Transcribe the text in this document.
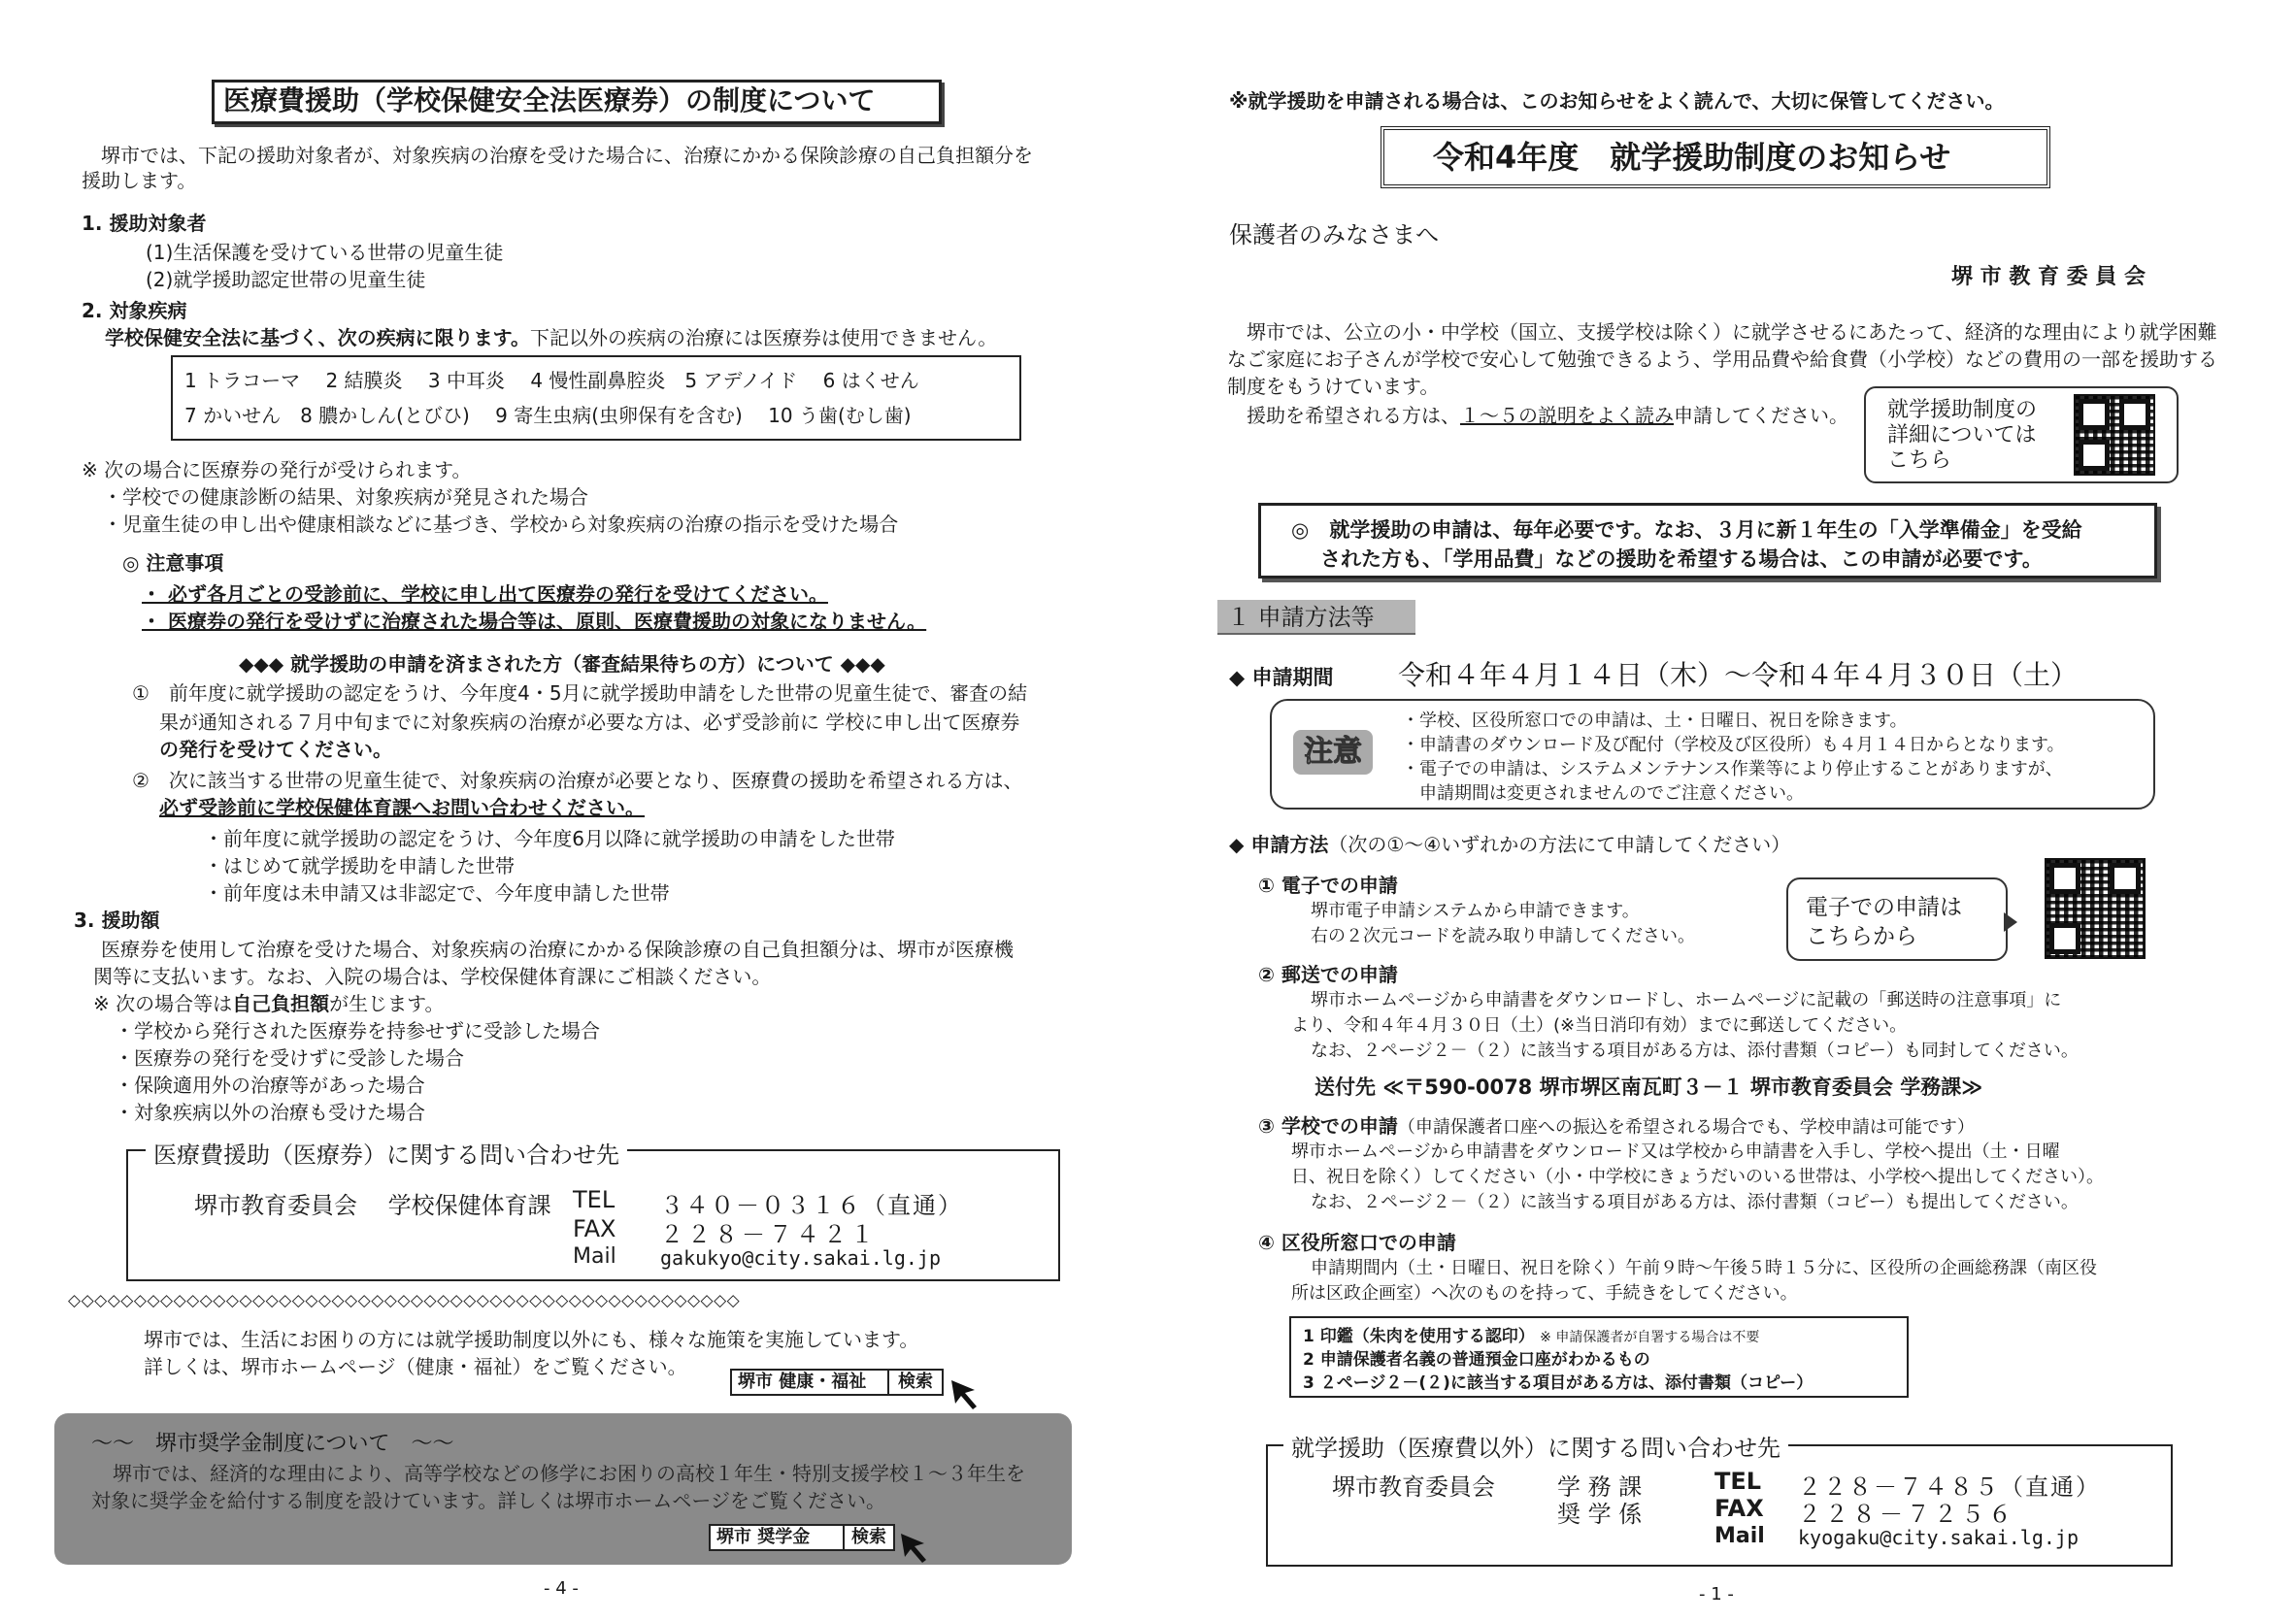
医療費援助（学校保健安全法医療券）の制度について
堺市では、下記の援助対象者が、対象疾病の治療を受けた場合に、治療にかかる保険診療の自己負担額分を
援助します。
1. 援助対象者
(1)生活保護を受けている世帯の児童生徒
(2)就学援助認定世帯の児童生徒
2. 対象疾病
学校保健安全法に基づく、次の疾病に限ります。下記以外の疾病の治療には医療券は使用できません。
1 トラコーマ　 2 結膜炎　 3 中耳炎　 4 慢性副鼻腔炎　5 アデノイド　 6 はくせん
7 かいせん　8 膿かしん(とびひ)　 9 寄生虫病(虫卵保有を含む)　 10 う歯(むし歯)
※ 次の場合に医療券の発行が受けられます。
・学校での健康診断の結果、対象疾病が発見された場合
・児童生徒の申し出や健康相談などに基づき、学校から対象疾病の治療の指示を受けた場合
◎ 注意事項
・ 必ず各月ごとの受診前に、学校に申し出て医療券の発行を受けてください。
・ 医療券の発行を受けずに治療された場合等は、原則、医療費援助の対象になりません。
◆◆◆ 就学援助の申請を済まされた方（審査結果待ちの方）について ◆◆◆
①　前年度に就学援助の認定をうけ、今年度4・5月に就学援助申請をした世帯の児童生徒で、審査の結
果が通知される７月中旬までに対象疾病の治療が必要な方は、必ず受診前に 学校に申し出て医療券
の発行を受けてください。
②　次に該当する世帯の児童生徒で、対象疾病の治療が必要となり、医療費の援助を希望される方は、
必ず受診前に学校保健体育課へお問い合わせください。
・前年度に就学援助の認定をうけ、今年度6月以降に就学援助の申請をした世帯
・はじめて就学援助を申請した世帯
・前年度は未申請又は非認定で、今年度申請した世帯
3. 援助額
医療券を使用して治療を受けた場合、対象疾病の治療にかかる保険診療の自己負担額分は、堺市が医療機
関等に支払います。なお、入院の場合は、学校保健体育課にご相談ください。
※ 次の場合等は自己負担額が生じます。
・学校から発行された医療券を持参せずに受診した場合
・医療券の発行を受けずに受診した場合
・保険適用外の治療等があった場合
・対象疾病以外の治療も受けた場合
医療費援助（医療券）に関する問い合わせ先
堺市教育委員会　 学校保健体育課 TEL ３４０－０３１６（直通）
FAX ２２８－７４２１
Mail gakukyo@city.sakai.lg.jp
◇◇◇◇◇◇◇◇◇◇◇◇◇◇◇◇◇◇◇◇◇◇◇◇◇◇◇◇◇◇◇◇◇◇◇◇◇◇◇◇◇◇◇◇◇◇◇◇◇◇◇
堺市では、生活にお困りの方には就学援助制度以外にも、様々な施策を実施しています。
詳しくは、堺市ホームページ（健康・福祉）をご覧ください。
堺市 健康・福祉	検索
～～　堺市奨学金制度について　～～
堺市では、経済的な理由により、高等学校などの修学にお困りの高校１年生・特別支援学校１～３年生を
対象に奨学金を給付する制度を設けています。詳しくは堺市ホームページをご覧ください。
堺市 奨学金	検索
- 4 -
※就学援助を申請される場合は、このお知らせをよく読んで、大切に保管してください。
令和4年度　就学援助制度のお知らせ
保護者のみなさまへ
堺 市 教 育 委 員 会
堺市では、公立の小・中学校（国立、支援学校は除く）に就学させるにあたって、経済的な理由により就学困難
なご家庭にお子さんが学校で安心して勉強できるよう、学用品費や給食費（小学校）などの費用の一部を援助する
制度をもうけています。
援助を希望される方は、１～５の説明をよく読み申請してください。 就学援助制度の
詳細については
こちら
◎　就学援助の申請は、毎年必要です。なお、３月に新１年生の「入学準備金」を受給
された方も、「学用品費」などの援助を希望する場合は、この申請が必要です。
１ 申請方法等
◆ 申請期間 令和４年４月１４日（木）～令和４年４月３０日（土）
注意
・学校、区役所窓口での申請は、土・日曜日、祝日を除きます。
・申請書のダウンロード及び配付（学校及び区役所）も４月１４日からとなります。
・電子での申請は、システムメンテナンス作業等により停止することがありますが、
　申請期間は変更されませんのでご注意ください。
◆ 申請方法（次の①～④いずれかの方法にて申請してください）
① 電子での申請
堺市電子申請システムから申請できます。
右の２次元コードを読み取り申請してください。
電子での申請は
こちらから
② 郵送での申請
堺市ホームページから申請書をダウンロードし、ホームページに記載の「郵送時の注意事項」に
より、令和４年４月３０日（土）(※当日消印有効）までに郵送してください。
なお、２ページ２－（２）に該当する項目がある方は、添付書類（コピー）も同封してください。
送付先 ≪〒590-0078 堺市堺区南瓦町３－１ 堺市教育委員会 学務課≫
③ 学校での申請（申請保護者口座への振込を希望される場合でも、学校申請は可能です）
堺市ホームページから申請書をダウンロード又は学校から申請書を入手し、学校へ提出（土・日曜
日、祝日を除く）してください（小・中学校にきょうだいのいる世帯は、小学校へ提出してください）。
なお、２ページ２－（２）に該当する項目がある方は、添付書類（コピー）も提出してください。
④ 区役所窓口での申請
申請期間内（土・日曜日、祝日を除く）午前９時～午後５時１５分に、区役所の企画総務課（南区役
所は区政企画室）へ次のものを持って、手続きをしてください。
1 印鑑（朱肉を使用する認印） ※ 申請保護者が自署する場合は不要
2 申請保護者名義の普通預金口座がわかるもの
3 ２ページ２－(２)に該当する項目がある方は、添付書類（コピー）
就学援助（医療費以外）に関する問い合わせ先
堺市教育委員会	学 務 課
奨 学 係
TEL ２２８－７４８５（直通）
FAX ２２８－７２５６
Mail kyogaku@city.sakai.lg.jp
- 1 -
